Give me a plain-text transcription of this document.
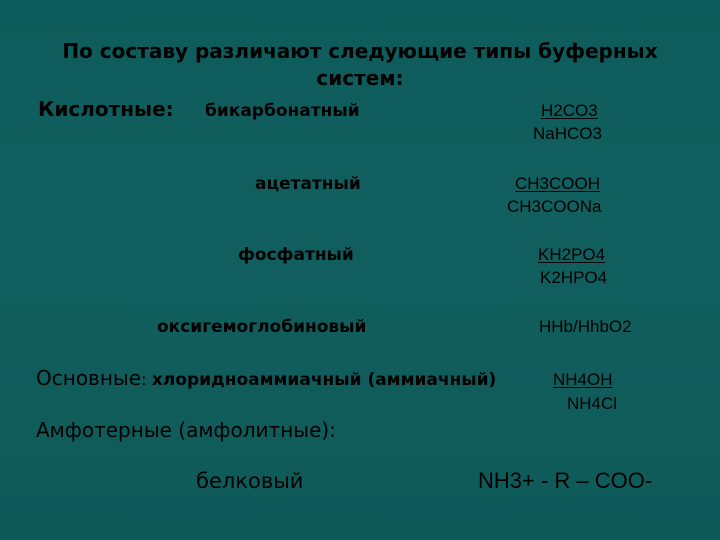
По составу различают следующие типы буферных
систем:
Кислотные: бикарбонатный	H2CO3
NaHCO3
ацетатный	CH3COOH
CH3COONa
фосфатный	KH2PO4
K2HPO4
оксигемоглобиновый	HHb/HhbO2
Основные: хлоридноаммиачный (аммиачный)	NH4OH
NH4Cl
Амфотерные (амфолитные):
белковый	NH3+ - R – COO-
